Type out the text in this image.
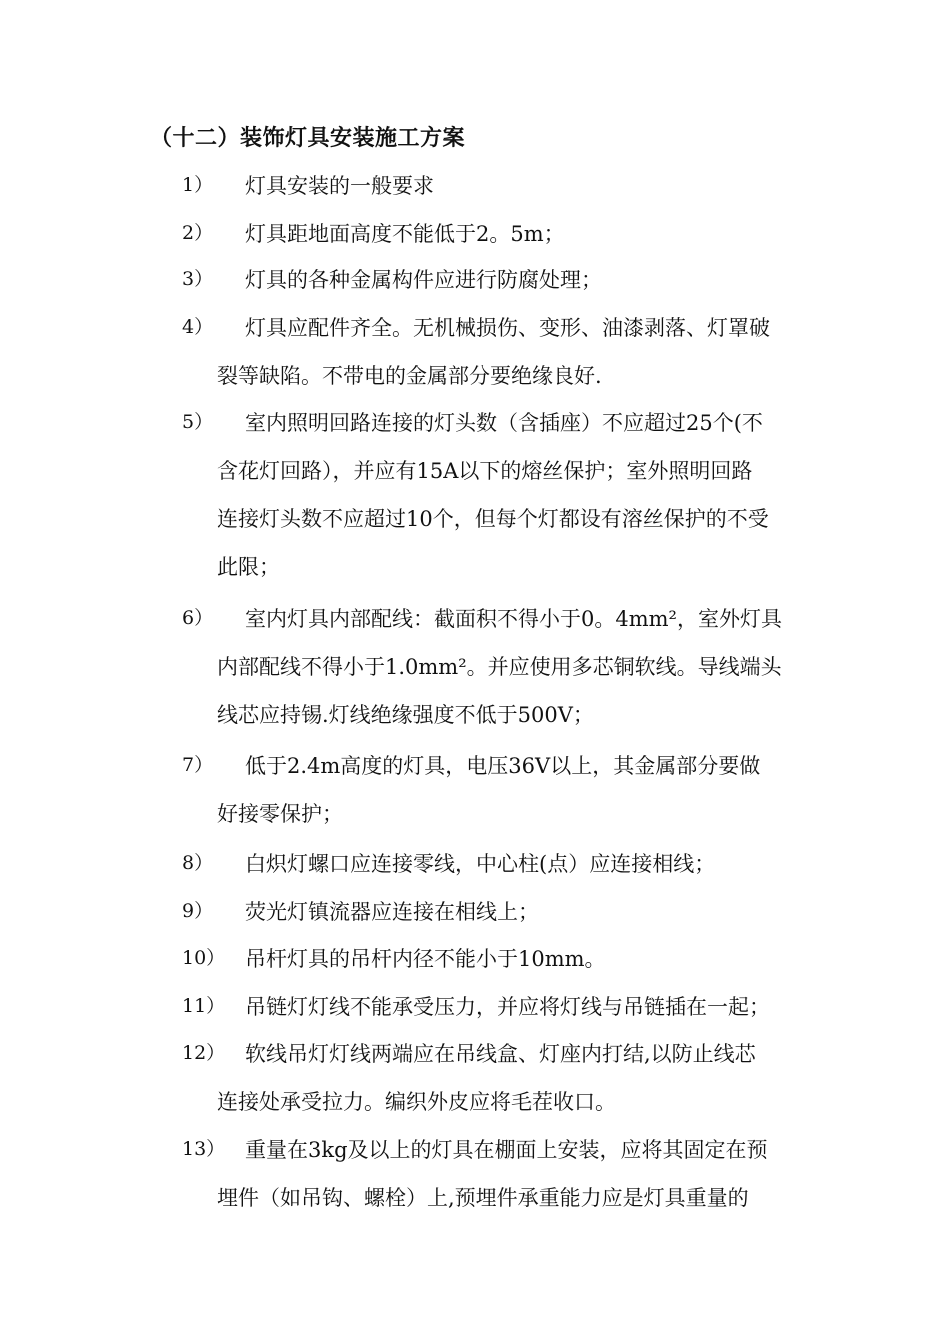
（十二）装饰灯具安装施工方案
1） 灯具安装的一般要求
2） 灯具距地面高度不能低于2。5m；
3） 灯具的各种金属构件应进行防腐处理；
4） 灯具应配件齐全。无机械损伤、变形、油漆剥落、灯罩破
裂等缺陷。不带电的金属部分要绝缘良好.
5） 室内照明回路连接的灯头数（含插座）不应超过25个(不
含花灯回路），并应有15A以下的熔丝保护；室外照明回路
连接灯头数不应超过10个，但每个灯都设有溶丝保护的不受
此限；
6） 室内灯具内部配线：截面积不得小于0。4mm²，室外灯具
内部配线不得小于1.0mm²。并应使用多芯铜软线。导线端头
线芯应持锡.灯线绝缘强度不低于500V；
7） 低于2.4m高度的灯具，电压36V以上，其金属部分要做
好接零保护；
8） 白炽灯螺口应连接零线，中心柱(点）应连接相线；
9） 荧光灯镇流器应连接在相线上；
10） 吊杆灯具的吊杆内径不能小于10mm。
11） 吊链灯灯线不能承受压力，并应将灯线与吊链插在一起；
12） 软线吊灯灯线两端应在吊线盒、灯座内打结,以防止线芯
连接处承受拉力。编织外皮应将毛茬收口。
13） 重量在3kg及以上的灯具在棚面上安装，应将其固定在预
埋件（如吊钩、螺栓）上,预埋件承重能力应是灯具重量的
